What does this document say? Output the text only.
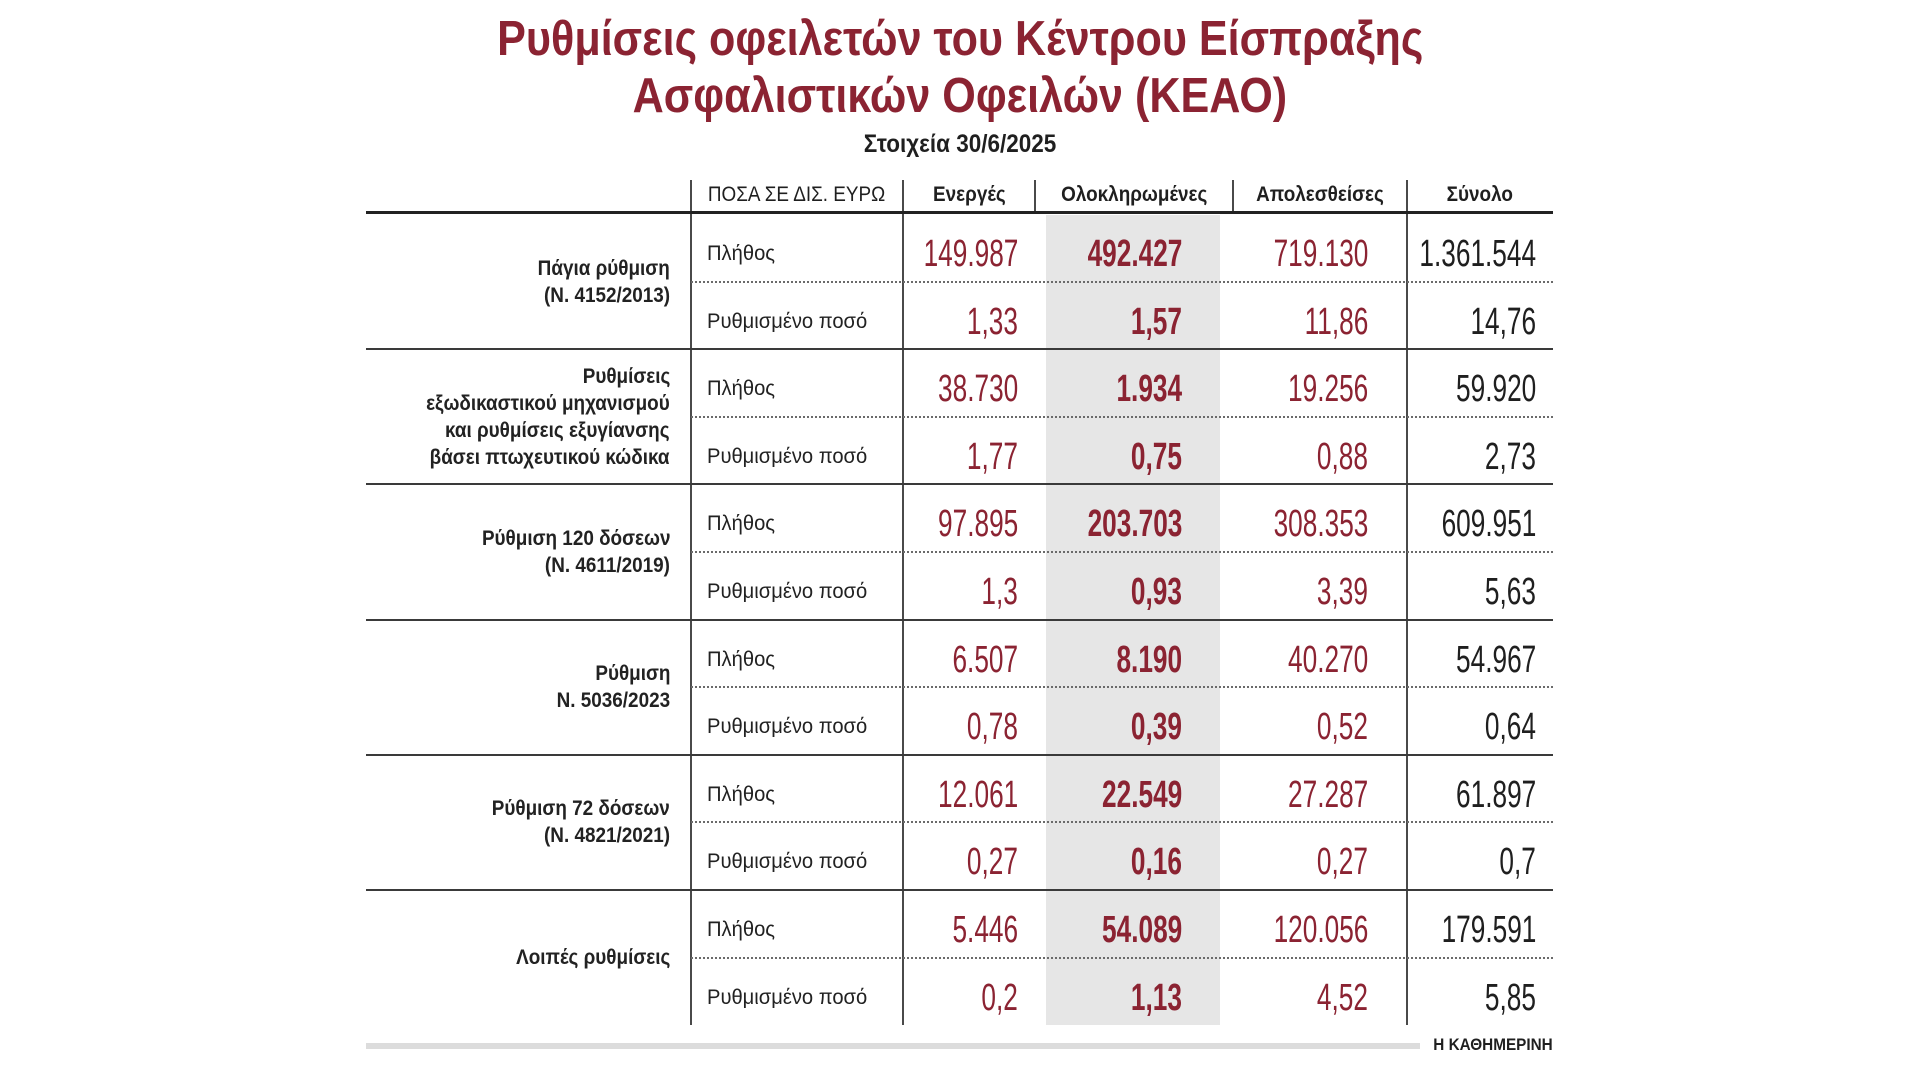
Ρυθμίσεις οφειλετών του Κέντρου Είσπραξης
Ασφαλιστικών Οφειλών (ΚΕΑΟ)
Στοιχεία 30/6/2025
Πάγια ρύθμιση
(Ν. 4152/2013)
Πλήθος	149.987 492.427 719.130 1.361.544
Ρυθμισμένο ποσό	1,33	1,57	11,86	14,76
Ρυθμίσεις
εξωδικαστικού μηχανισμού
και ρυθμίσεις εξυγίανσης
βάσει πτωχευτικού κώδικα
Πλήθος	38.730	1.934	19.256 59.920
Ρυθμισμένο ποσό	1,77	0,75	0,88	2,73
Ρύθμιση 120 δόσεων
(Ν. 4611/2019)
Πλήθος	97.895 203.703 308.353 609.951
Ρυθμισμένο ποσό	1,3	0,93	3,39	5,63
Ρύθμιση
Ν. 5036/2023
Πλήθος	6.507	8.190	40.270 54.967
Ρυθμισμένο ποσό	0,78	0,39	0,52	0,64
Ρύθμιση 72 δόσεων
(Ν. 4821/2021)
Πλήθος	12.061 22.549	27.287 61.897
Ρυθμισμένο ποσό	0,27	0,16	0,27	0,7
Λοιπές ρυθμίσεις
Πλήθος	5.446 54.089 120.056 179.591
Ρυθμισμένο ποσό	0,2	1,13	4,52	5,85
Η ΚΑΘΗΜΕΡΙΝΗ
ΠΟΣΑ ΣΕ ΔΙΣ. ΕΥΡΩ	Ενεργές	Ολοκληρωμένες	Απολεσθείσες	Σύνολο
